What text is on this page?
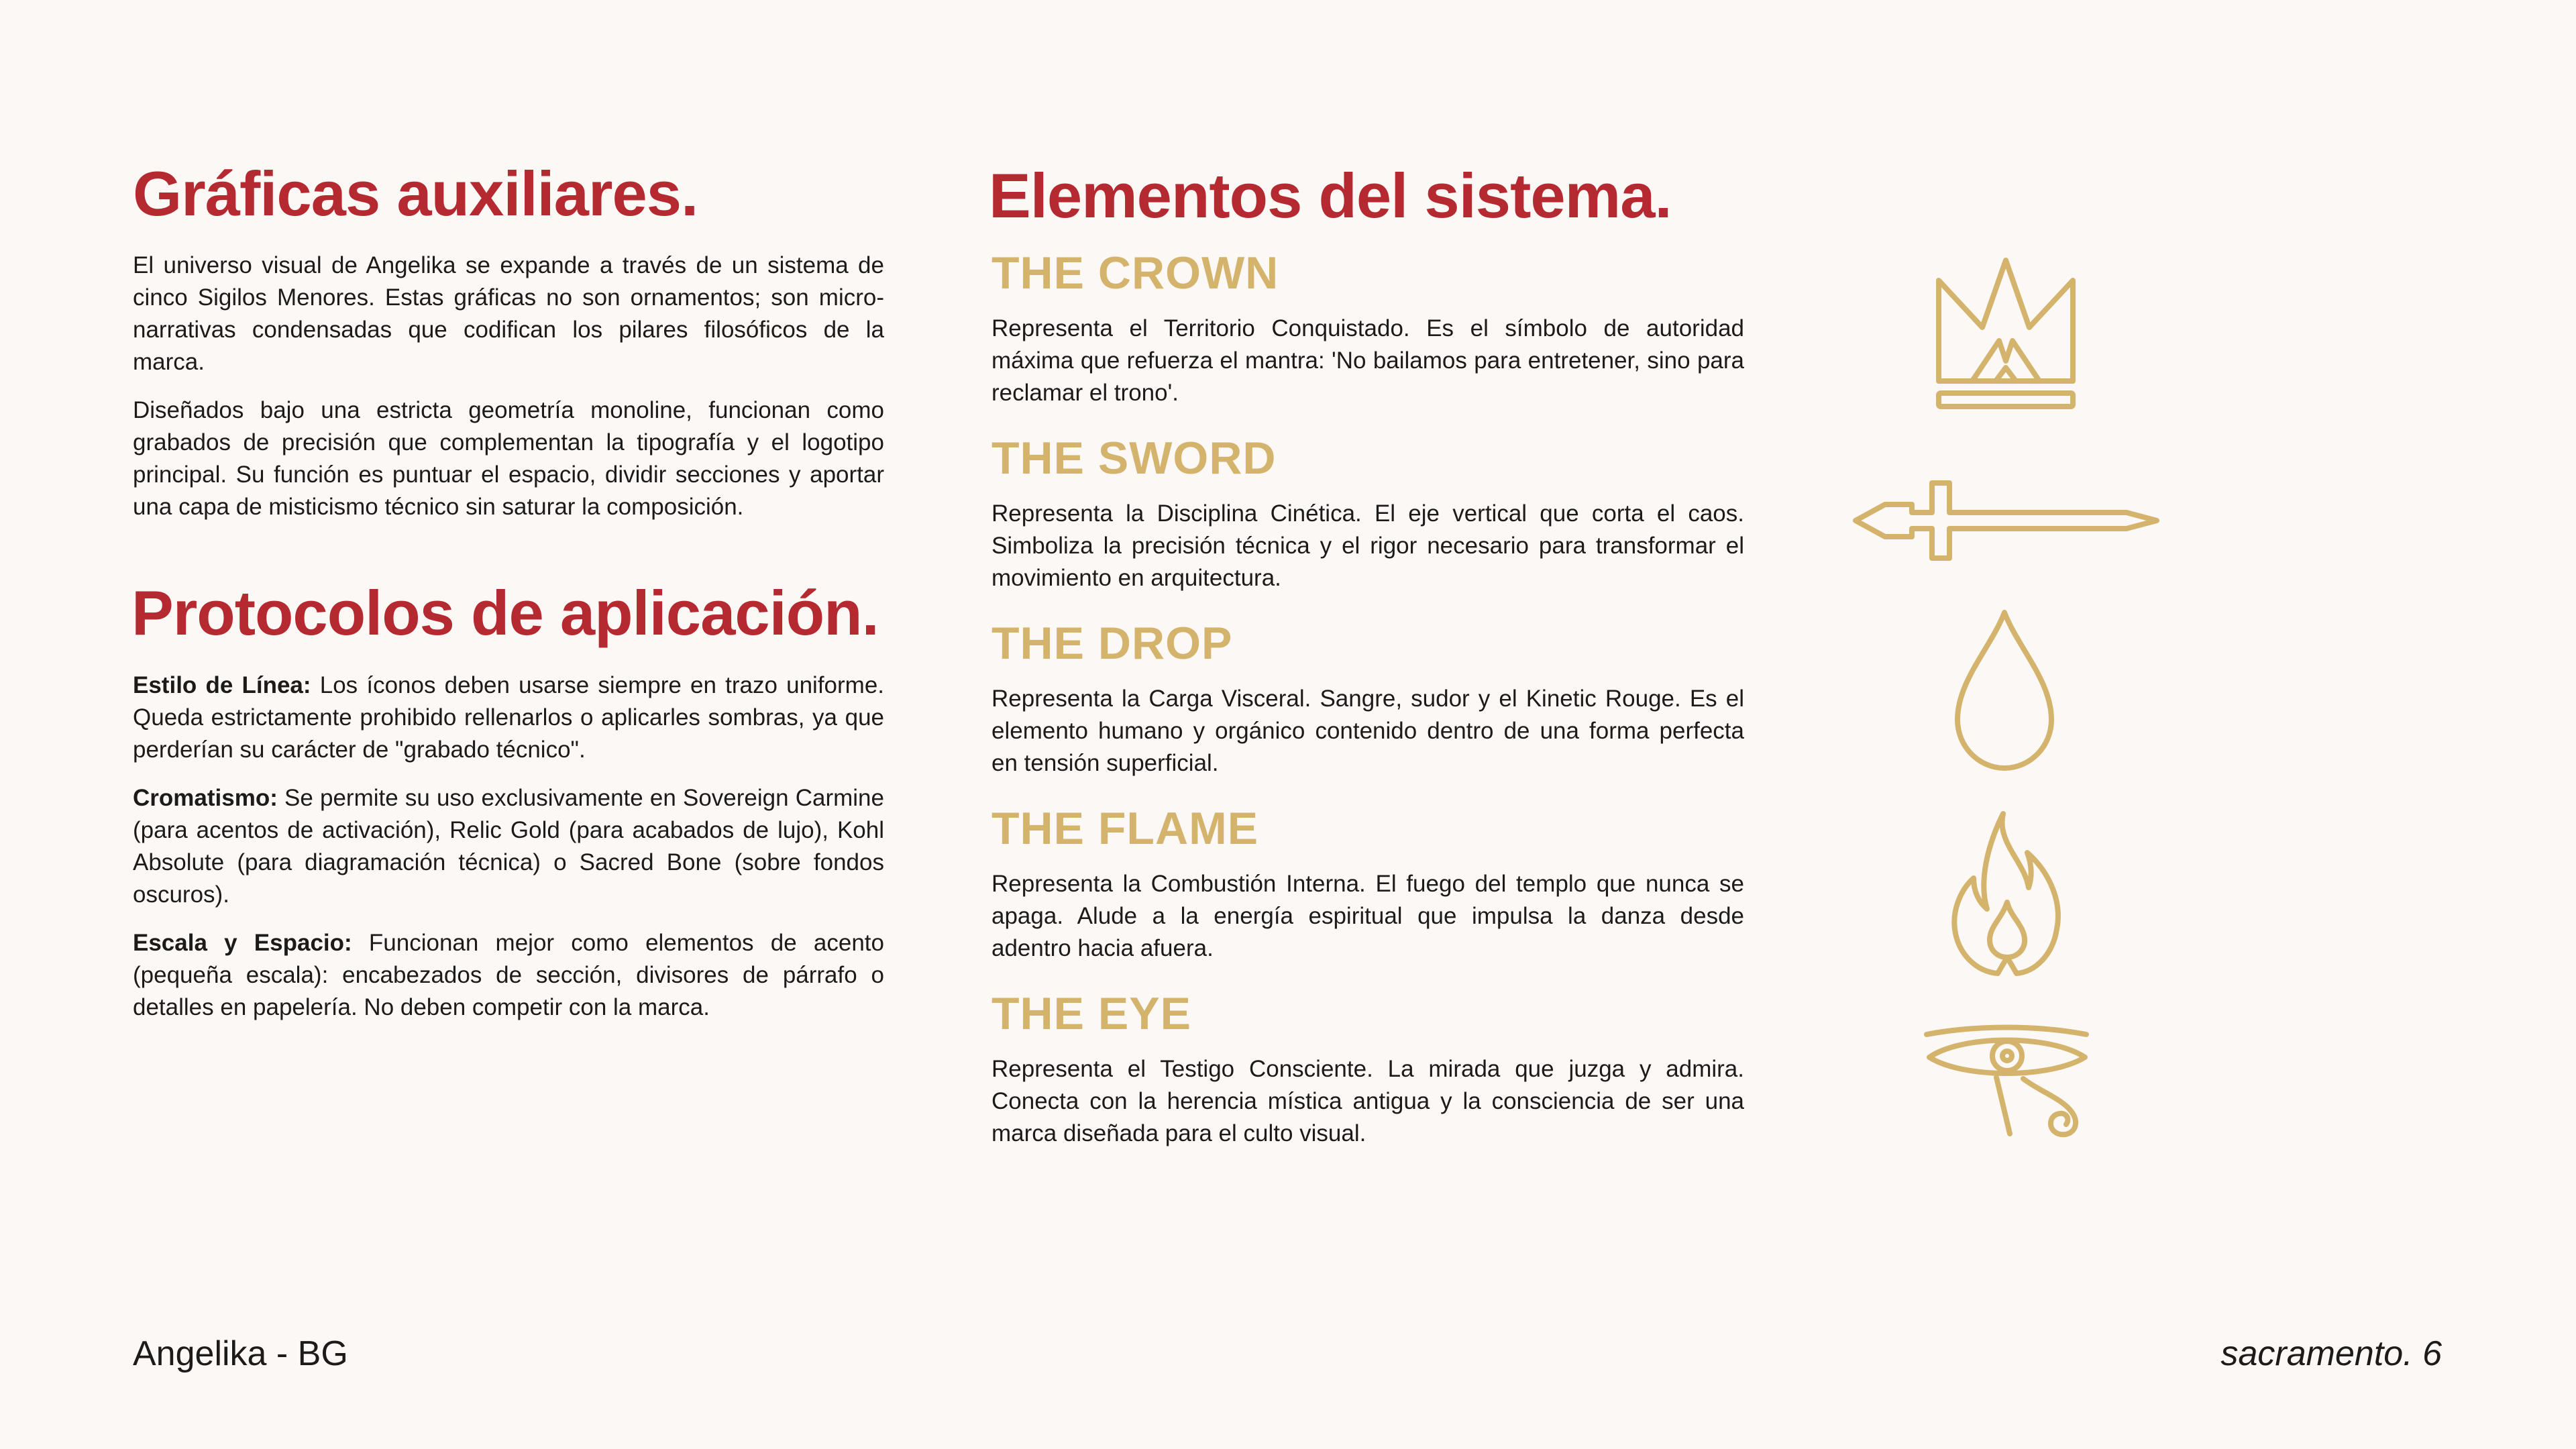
Gráficas auxiliares.

El universo visual de Angelika se expande a través de un sistema de cinco Sigilos Menores. Estas gráficas no son ornamentos; son micro-narrativas condensadas que codifican los pilares filosóficos de la marca.

Diseñados bajo una estricta geometría monoline, funcionan como grabados de precisión que complementan la tipografía y el logotipo principal. Su función es puntuar el espacio, dividir secciones y aportar una capa de misticismo técnico sin saturar la composición.

Protocolos de aplicación.

Estilo de Línea: Los íconos deben usarse siempre en trazo uniforme. Queda estrictamente prohibido rellenarlos o aplicarles sombras, ya que perderían su carácter de "grabado técnico".

Cromatismo: Se permite su uso exclusivamente en Sovereign Carmine (para acentos de activación), Relic Gold (para acabados de lujo), Kohl Absolute (para diagramación técnica) o Sacred Bone (sobre fondos oscuros).

Escala y Espacio: Funcionan mejor como elementos de acento (pequeña escala): encabezados de sección, divisores de párrafo o detalles en papelería. No deben competir con la marca.

Elementos del sistema.
THE CROWN

Representa el Territorio Conquistado. Es el símbolo de autoridad máxima que refuerza el mantra: 'No bailamos para entretener, sino para reclamar el trono'.

THE SWORD

Representa la Disciplina Cinética. El eje vertical que corta el caos. Simboliza la precisión técnica y el rigor necesario para transformar el movimiento en arquitectura.

THE DROP

Representa la Carga Visceral. Sangre, sudor y el Kinetic Rouge. Es el elemento humano y orgánico contenido dentro de una forma perfecta en tensión superficial.

THE FLAME

Representa la Combustión Interna. El fuego del templo que nunca se apaga. Alude a la energía espiritual que impulsa la danza desde adentro hacia afuera.

THE EYE

Representa el Testigo Consciente. La mirada que juzga y admira. Conecta con la herencia mística antigua y la consciencia de ser una marca diseñada para el culto visual.

Angelika - BG	sacramento. 6
